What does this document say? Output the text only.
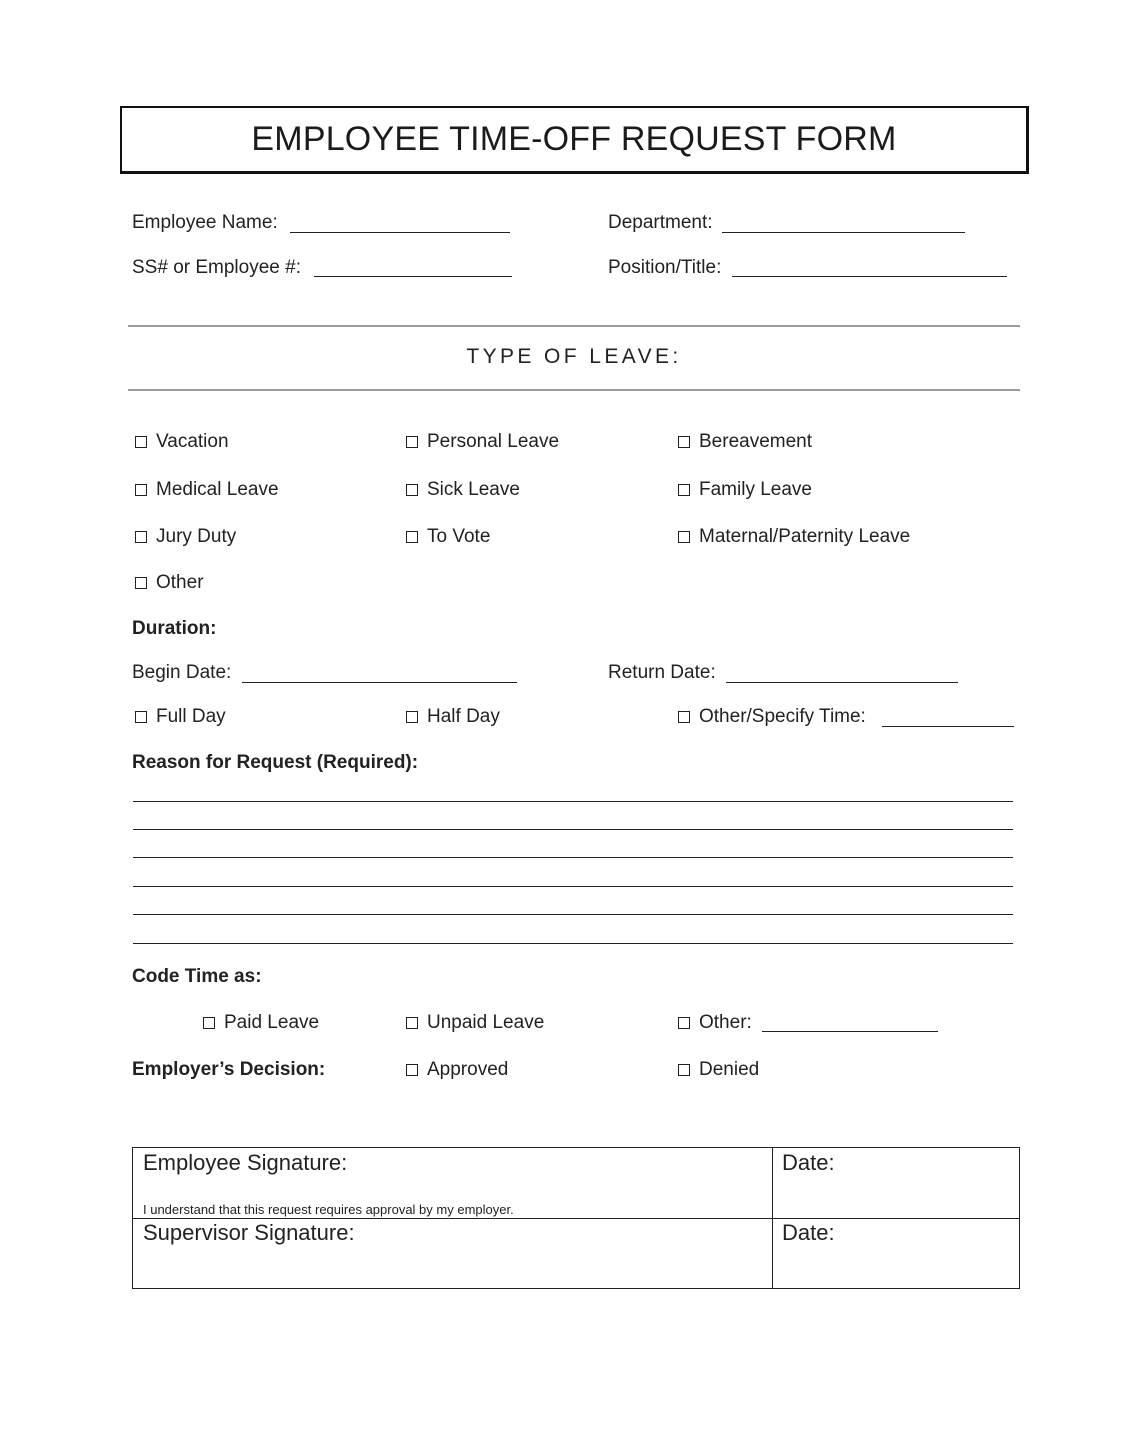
EMPLOYEE TIME-OFF REQUEST FORM
Employee Name:	Department:
SS# or Employee #:	Position/Title:
TYPE OF LEAVE:
Vacation	Personal Leave	Bereavement
Medical Leave	Sick Leave	Family Leave
Jury Duty	To Vote	Maternal/Paternity Leave
Other
Duration:
Begin Date:	Return Date:
Full Day	Half Day	Other/Specify Time:
Reason for Request (Required):
Code Time as:
Paid Leave	Unpaid Leave	Other:
Employer’s Decision:	Approved	Denied
Employee Signature:	Date:
I understand that this request requires approval by my employer.
Supervisor Signature:	Date:
